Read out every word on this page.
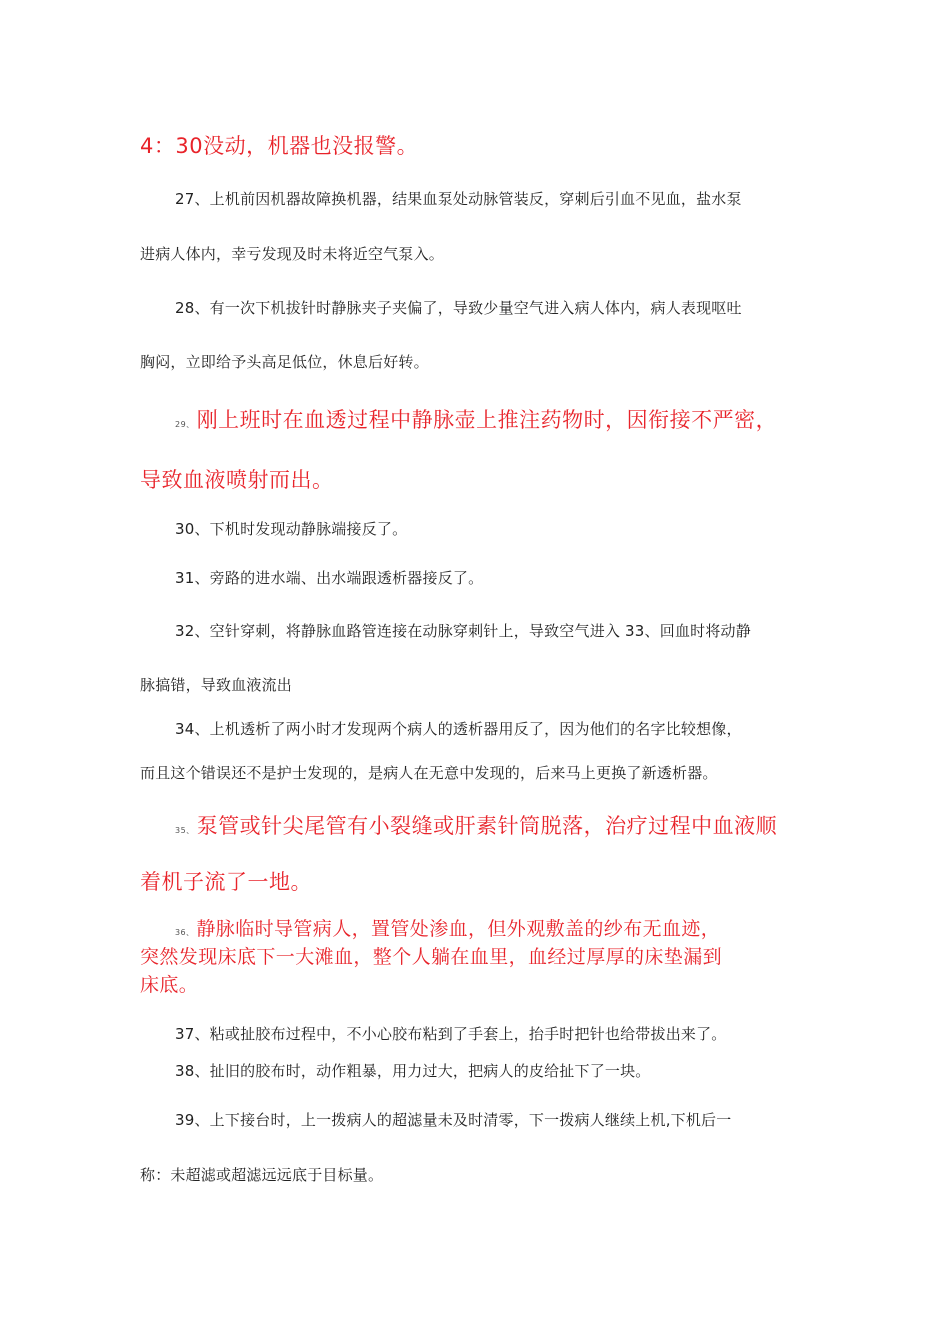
4：30没动，机器也没报警。
27、上机前因机器故障换机器，结果血泵处动脉管装反，穿刺后引血不见血，盐水泵
进病人体内，幸亏发现及时未将近空气泵入。
28、有一次下机拔针时静脉夹子夹偏了，导致少量空气进入病人体内，病人表现呕吐
胸闷，立即给予头高足低位，休息后好转。
29、刚上班时在血透过程中静脉壶上推注药物时，因衔接不严密，
导致血液喷射而出。
30、下机时发现动静脉端接反了。
31、旁路的进水端、出水端跟透析器接反了。
32、空针穿刺，将静脉血路管连接在动脉穿刺针上，导致空气进入 33、回血时将动静
脉搞错，导致血液流出
34、上机透析了两小时才发现两个病人的透析器用反了，因为他们的名字比较想像，
而且这个错误还不是护士发现的，是病人在无意中发现的，后来马上更换了新透析器。
35、泵管或针尖尾管有小裂缝或肝素针筒脱落，治疗过程中血液顺
着机子流了一地。
36、 静脉临时导管病人，置管处渗血，但外观敷盖的纱布无血迹，
突然发现床底下一大滩血，整个人躺在血里，血经过厚厚的床垫漏到
床底。
37、粘或扯胶布过程中，不小心胶布粘到了手套上，抬手时把针也给带拔出来了。
38、扯旧的胶布时，动作粗暴，用力过大，把病人的皮给扯下了一块。
39、上下接台时，上一拨病人的超滤量未及时清零，下一拨病人继续上机,下机后一
称：未超滤或超滤远远底于目标量。
